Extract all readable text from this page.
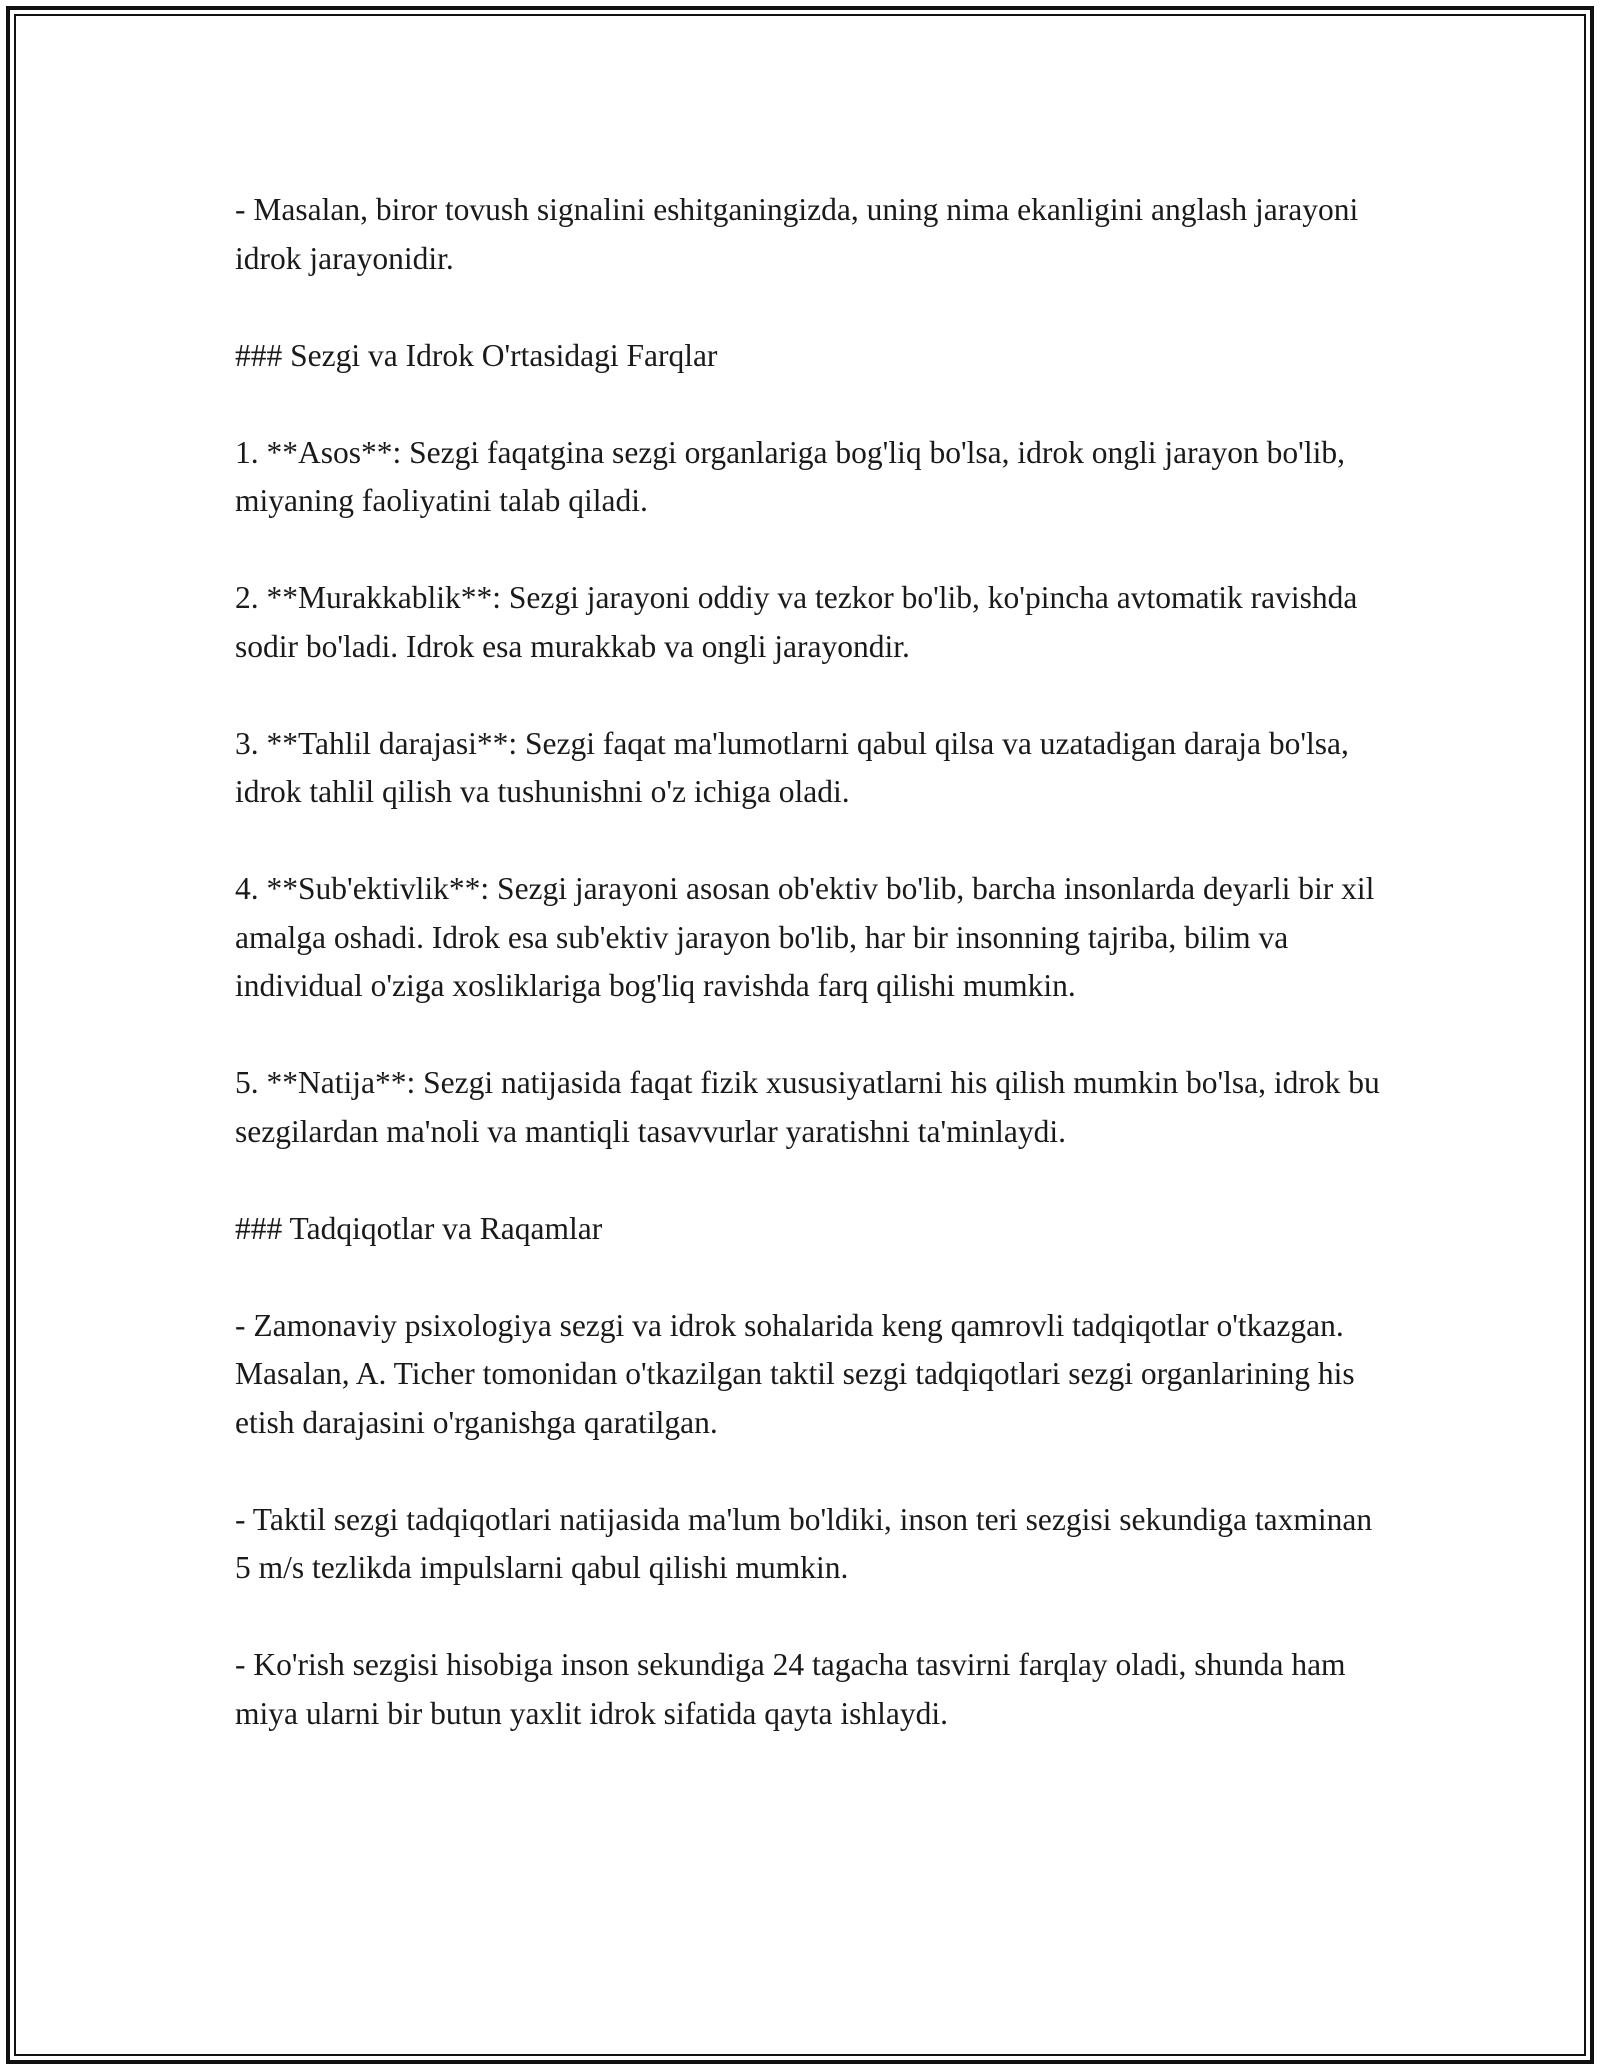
- Masalan, biror tovush signalini eshitganingizda, uning nima ekanligini anglash jarayoni idrok jarayonidir.

### Sezgi va Idrok O'rtasidagi Farqlar

1. **Asos**: Sezgi faqatgina sezgi organlariga bog'liq bo'lsa, idrok ongli jarayon bo'lib, miyaning faoliyatini talab qiladi.

2. **Murakkablik**: Sezgi jarayoni oddiy va tezkor bo'lib, ko'pincha avtomatik ravishda sodir bo'ladi. Idrok esa murakkab va ongli jarayondir.

3. **Tahlil darajasi**: Sezgi faqat ma'lumotlarni qabul qilsa va uzatadigan daraja bo'lsa, idrok tahlil qilish va tushunishni o'z ichiga oladi.

4. **Sub'ektivlik**: Sezgi jarayoni asosan ob'ektiv bo'lib, barcha insonlarda deyarli bir xil amalga oshadi. Idrok esa sub'ektiv jarayon bo'lib, har bir insonning tajriba, bilim va individual o'ziga xosliklariga bog'liq ravishda farq qilishi mumkin.

5. **Natija**: Sezgi natijasida faqat fizik xususiyatlarni his qilish mumkin bo'lsa, idrok bu sezgilardan ma'noli va mantiqli tasavvurlar yaratishni ta'minlaydi.

### Tadqiqotlar va Raqamlar

- Zamonaviy psixologiya sezgi va idrok sohalarida keng qamrovli tadqiqotlar o'tkazgan. Masalan, A. Ticher tomonidan o'tkazilgan taktil sezgi tadqiqotlari sezgi organlarining his etish darajasini o'rganishga qaratilgan.

- Taktil sezgi tadqiqotlari natijasida ma'lum bo'ldiki, inson teri sezgisi sekundiga taxminan 5 m/s tezlikda impulslarni qabul qilishi mumkin.

- Ko'rish sezgisi hisobiga inson sekundiga 24 tagacha tasvirni farqlay oladi, shunda ham miya ularni bir butun yaxlit idrok sifatida qayta ishlaydi.
